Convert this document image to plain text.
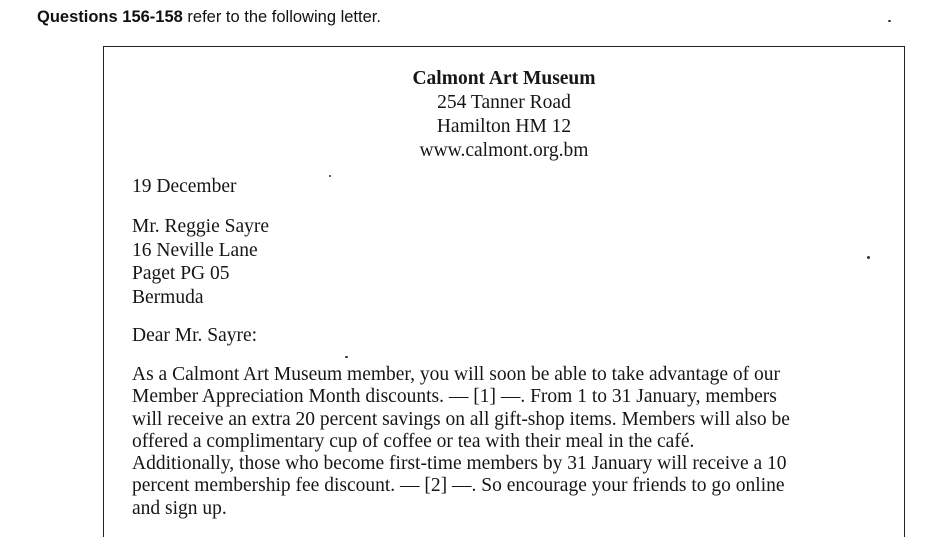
Questions 156-158 refer to the following letter.
Calmont Art Museum
254 Tanner Road
Hamilton HM 12
www.calmont.org.bm
19 December
Mr. Reggie Sayre
16 Neville Lane
Paget PG 05
Bermuda
Dear Mr. Sayre:
As a Calmont Art Museum member, you will soon be able to take advantage of our
Member Appreciation Month discounts. — [1] —. From 1 to 31 January, members
will receive an extra 20 percent savings on all gift-shop items. Members will also be
offered a complimentary cup of coffee or tea with their meal in the café.
Additionally, those who become first-time members by 31 January will receive a 10
percent membership fee discount. — [2] —. So encourage your friends to go online
and sign up.
